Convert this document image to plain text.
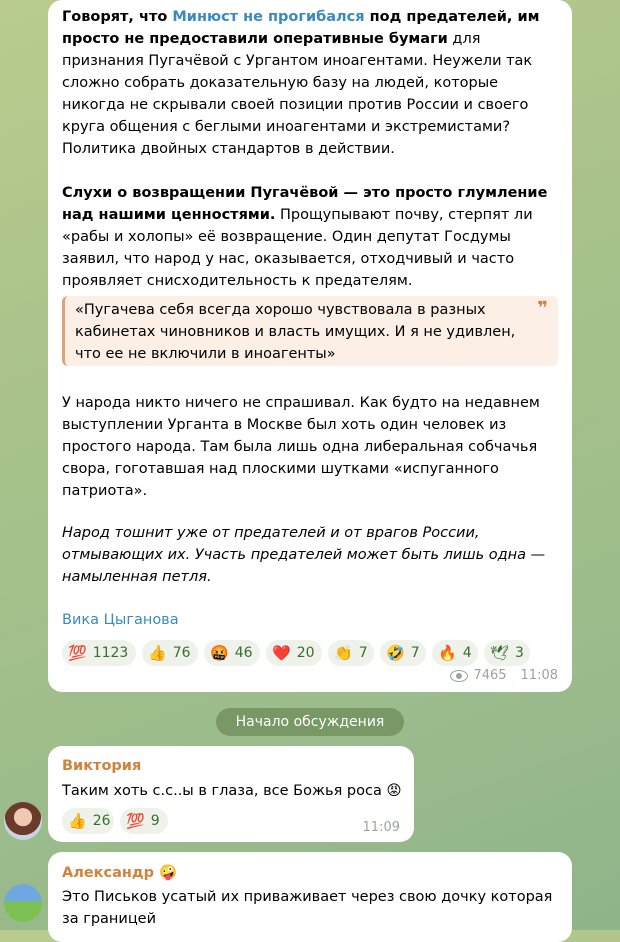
Говорят, что Минюст не прогибался под предателей, им просто не предоставили оперативные бумаги для признания Пугачёвой с Ургантом иноагентами. Неужели так сложно собрать доказательную базу на людей, которые никогда не скрывали своей позиции против России и своего круга общения с беглыми иноагентами и экстремистами? Политика двойных стандартов в действии.

Слухи о возвращении Пугачёвой — это просто глумление над нашими ценностями. Прощупывают почву, стерпят ли «рабы и холопы» её возвращение. Один депутат Госдумы заявил, что народ у нас, оказывается, отходчивый и часто проявляет снисходительность к предателям.

У народа никто ничего не спрашивал. Как будто на недавнем выступлении Урганта в Москве был хоть один человек из простого народа. Там была лишь одна либеральная собчачья свора, гоготавшая над плоскими шутками «испуганного патриота».

Народ тошнит уже от предателей и от врагов России, отмывающих их. Участь предателей может быть лишь одна — намыленная петля.

7465 11:08
«Пугачева себя всегда хорошо чувствовала в разных кабинетах чиновников и власть имущих. И я не удивлен, что ее не включили в иноагенты»
❞
Вика Цыганова
💯 1123 👍 76 🤬 46 ❤️ 20 👏 7 🤣 7 🔥 4 🕊 3
Начало обсуждения
Виктория
Таким хоть с.с..ы в глаза, все Божья роса 😡
👍 26 💯 9	11:09
Александр 🤪
Это Письков усатый их приваживает через свою дочку которая за границей
